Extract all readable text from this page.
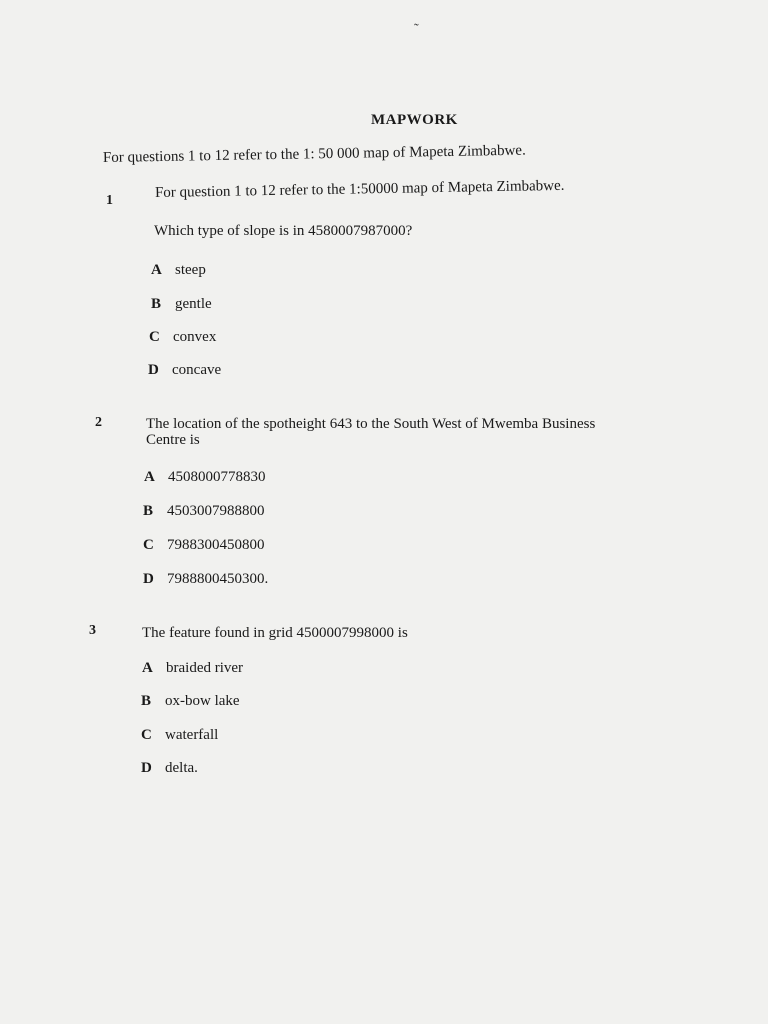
˜
MAPWORK
For questions 1 to 12 refer to the 1: 50 000 map of Mapeta Zimbabwe.
1	For question 1 to 12 refer to the 1:50000 map of Mapeta Zimbabwe.
Which type of slope is in 4580007987000?
A steep
B gentle
C convex
D concave
2	The location of the spotheight 643 to the South West of Mwemba Business
Centre is
A 4508000778830
B 4503007988800
C 7988300450800
D 7988800450300.
3	The feature found in grid 4500007998000 is
A braided river
B ox-bow lake
C waterfall
D delta.
